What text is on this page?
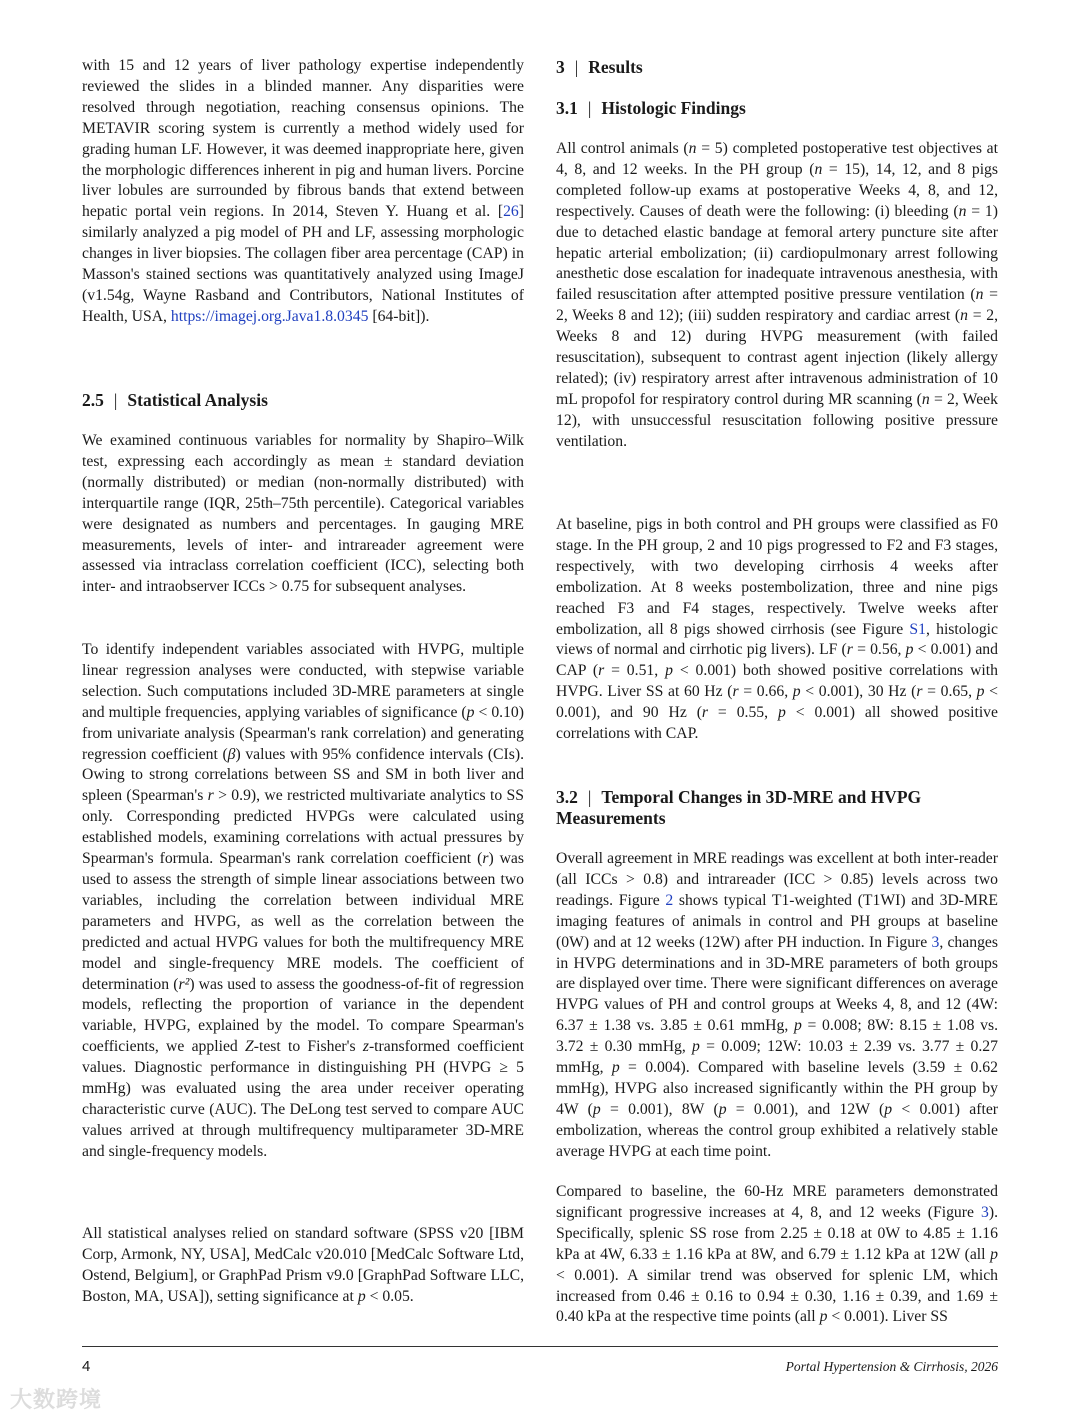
with 15 and 12 years of liver pathology expertise independently reviewed the slides in a blinded manner. Any disparities were resolved through negotiation, reaching consensus opinions. The METAVIR scoring system is currently a method widely used for grading human LF. However, it was deemed inappropriate here, given the morphologic differences inherent in pig and human livers. Porcine liver lobules are surrounded by fibrous bands that extend between hepatic portal vein regions. In 2014, Steven Y. Huang et al. [26] similarly analyzed a pig model of PH and LF, assessing morphologic changes in liver biopsies. The collagen fiber area percentage (CAP) in Masson's stained sections was quantitatively analyzed using ImageJ (v1.54g, Wayne Rasband and Contributors, National Institutes of Health, USA, https://imagej.org.Java1.8.0345 [64-bit]).

2.5 | Statistical Analysis

We examined continuous variables for normality by Shapiro–Wilk test, expressing each accordingly as mean ± standard deviation (normally distributed) or median (non-normally distributed) with interquartile range (IQR, 25th–75th percentile). Categorical variables were designated as numbers and percentages. In gauging MRE measurements, levels of inter- and intrareader agreement were assessed via intraclass correlation coefficient (ICC), selecting both inter- and intraobserver ICCs > 0.75 for subsequent analyses.

To identify independent variables associated with HVPG, multiple linear regression analyses were conducted, with stepwise variable selection. Such computations included 3D-MRE parameters at single and multiple frequencies, applying variables of significance (p < 0.10) from univariate analysis (Spearman's rank correlation) and generating regression coefficient (β) values with 95% confidence intervals (CIs). Owing to strong correlations between SS and SM in both liver and spleen (Spearman's r > 0.9), we restricted multivariate analytics to SS only. Corresponding predicted HVPGs were calculated using established models, examining correlations with actual pressures by Spearman's formula. Spearman's rank correlation coefficient (r) was used to assess the strength of simple linear associations between two variables, including the correlation between individual MRE parameters and HVPG, as well as the correlation between the predicted and actual HVPG values for both the multifrequency MRE model and single-frequency MRE models. The coefficient of determination (r²) was used to assess the goodness-of-fit of regression models, reflecting the proportion of variance in the dependent variable, HVPG, explained by the model. To compare Spearman's coefficients, we applied Z-test to Fisher's z-transformed coefficient values. Diagnostic performance in distinguishing PH (HVPG ≥ 5 mmHg) was evaluated using the area under receiver operating characteristic curve (AUC). The DeLong test served to compare AUC values arrived at through multifrequency multiparameter 3D-MRE and single-frequency models.

All statistical analyses relied on standard software (SPSS v20 [IBM Corp, Armonk, NY, USA], MedCalc v20.010 [MedCalc Software Ltd, Ostend, Belgium], or GraphPad Prism v9.0 [GraphPad Software LLC, Boston, MA, USA]), setting significance at p < 0.05.

3 | Results
3.1 | Histologic Findings

All control animals (n = 5) completed postoperative test objectives at 4, 8, and 12 weeks. In the PH group (n = 15), 14, 12, and 8 pigs completed follow-up exams at postoperative Weeks 4, 8, and 12, respectively. Causes of death were the following: (i) bleeding (n = 1) due to detached elastic bandage at femoral artery puncture site after hepatic arterial embolization; (ii) cardiopulmonary arrest following anesthetic dose escalation for inadequate intravenous anesthesia, with failed resuscitation after attempted positive pressure ventilation (n = 2, Weeks 8 and 12); (iii) sudden respiratory and cardiac arrest (n = 2, Weeks 8 and 12) during HVPG measurement (with failed resuscitation), subsequent to contrast agent injection (likely allergy related); (iv) respiratory arrest after intravenous administration of 10 mL propofol for respiratory control during MR scanning (n = 2, Week 12), with unsuccessful resuscitation following positive pressure ventilation.

At baseline, pigs in both control and PH groups were classified as F0 stage. In the PH group, 2 and 10 pigs progressed to F2 and F3 stages, respectively, with two developing cirrhosis 4 weeks after embolization. At 8 weeks postembolization, three and nine pigs reached F3 and F4 stages, respectively. Twelve weeks after embolization, all 8 pigs showed cirrhosis (see Figure S1, histologic views of normal and cirrhotic pig livers). LF (r = 0.56, p < 0.001) and CAP (r = 0.51, p < 0.001) both showed positive correlations with HVPG. Liver SS at 60 Hz (r = 0.66, p < 0.001), 30 Hz (r = 0.65, p < 0.001), and 90 Hz (r = 0.55, p < 0.001) all showed positive correlations with CAP.

3.2 | Temporal Changes in 3D-MRE and HVPG Measurements

Overall agreement in MRE readings was excellent at both inter-reader (all ICCs > 0.8) and intrareader (ICC > 0.85) levels across two readings. Figure 2 shows typical T1-weighted (T1WI) and 3D-MRE imaging features of animals in control and PH groups at baseline (0W) and at 12 weeks (12W) after PH induction. In Figure 3, changes in HVPG determinations and in 3D-MRE parameters of both groups are displayed over time. There were significant differences on average HVPG values of PH and control groups at Weeks 4, 8, and 12 (4W: 6.37 ± 1.38 vs. 3.85 ± 0.61 mmHg, p = 0.008; 8W: 8.15 ± 1.08 vs. 3.72 ± 0.30 mmHg, p = 0.009; 12W: 10.03 ± 2.39 vs. 3.77 ± 0.27 mmHg, p = 0.004). Compared with baseline levels (3.59 ± 0.62 mmHg), HVPG also increased significantly within the PH group by 4W (p = 0.001), 8W (p = 0.001), and 12W (p < 0.001) after embolization, whereas the control group exhibited a relatively stable average HVPG at each time point.

Compared to baseline, the 60-Hz MRE parameters demonstrated significant progressive increases at 4, 8, and 12 weeks (Figure 3). Specifically, splenic SS rose from 2.25 ± 0.18 at 0W to 4.85 ± 1.16 kPa at 4W, 6.33 ± 1.16 kPa at 8W, and 6.79 ± 1.12 kPa at 12W (all p < 0.001). A similar trend was observed for splenic LM, which increased from 0.46 ± 0.16 to 0.94 ± 0.30, 1.16 ± 0.39, and 1.69 ± 0.40 kPa at the respective time points (all p < 0.001). Liver SS

4	Portal Hypertension & Cirrhosis, 2026
大数跨境
